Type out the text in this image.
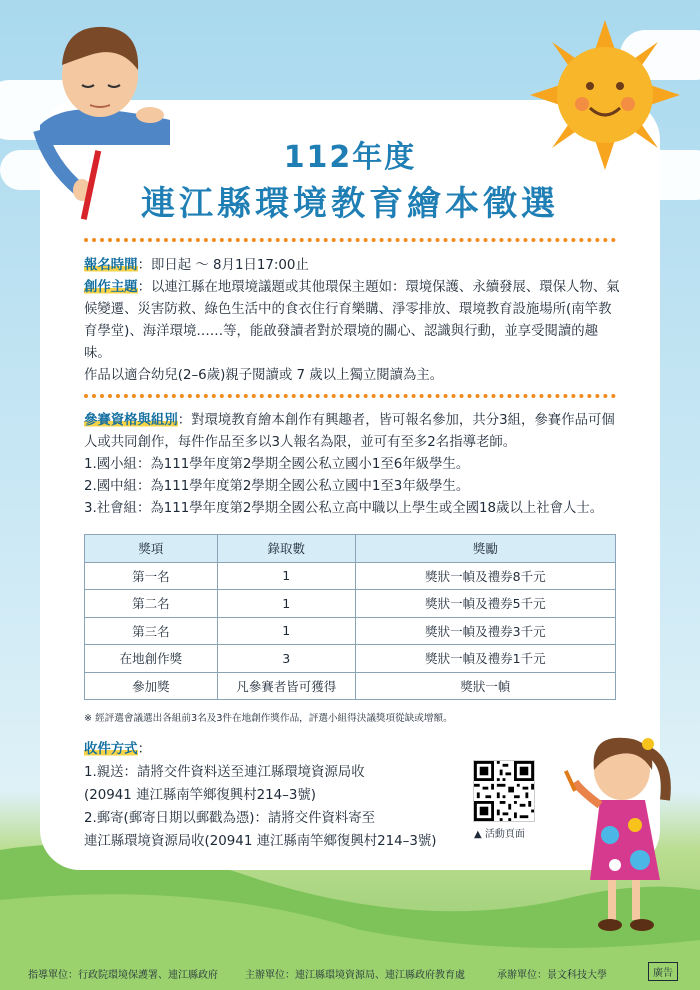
112年度
連江縣環境教育繪本徵選

報名時間：即日起 ～ 8月1日17:00止

創作主題：以連江縣在地環境議題或其他環保主題如：環境保護、永續發展、環保人物、氣候變遷、災害防救、綠色生活中的食衣住行育樂購、淨零排放、環境教育設施場所(南竿教育學堂)、海洋環境……等，能啟發讀者對於環境的關心、認識與行動，並享受閱讀的趣味。

作品以適合幼兒(2–6歲)親子閱讀或 7 歲以上獨立閱讀為主。

參賽資格與組別：對環境教育繪本創作有興趣者，皆可報名參加，共分3組，參賽作品可個人或共同創作，每件作品至多以3人報名為限，並可有至多2名指導老師。

1.國小組：為111學年度第2學期全國公私立國小1至6年級學生。

2.國中組：為111學年度第2學期全國公私立國中1至3年級學生。

3.社會組：為111學年度第2學期全國公私立高中職以上學生或全國18歲以上社會人士。

獎項	錄取數	獎勵
第一名	1	獎狀一幀及禮券8千元
第二名	1	獎狀一幀及禮券5千元
第三名	1	獎狀一幀及禮券3千元
在地創作獎	3	獎狀一幀及禮券1千元
參加獎	凡參賽者皆可獲得	獎狀一幀
※ 經評選會議選出各組前3名及3件在地創作獎作品，評選小組得決議獎項從缺或增額。

收件方式：

1.親送：請將交件資料送至連江縣環境資源局收

(20941 連江縣南竿鄉復興村214–3號)

2.郵寄(郵寄日期以郵戳為憑)：請將交件資料寄至

連江縣環境資源局收(20941 連江縣南竿鄉復興村214–3號)	▲ 活動頁面
指導單位：行政院環境保護署、連江縣政府	主辦單位：連江縣環境資源局、連江縣政府教育處	承辦單位：景文科技大學	廣告
